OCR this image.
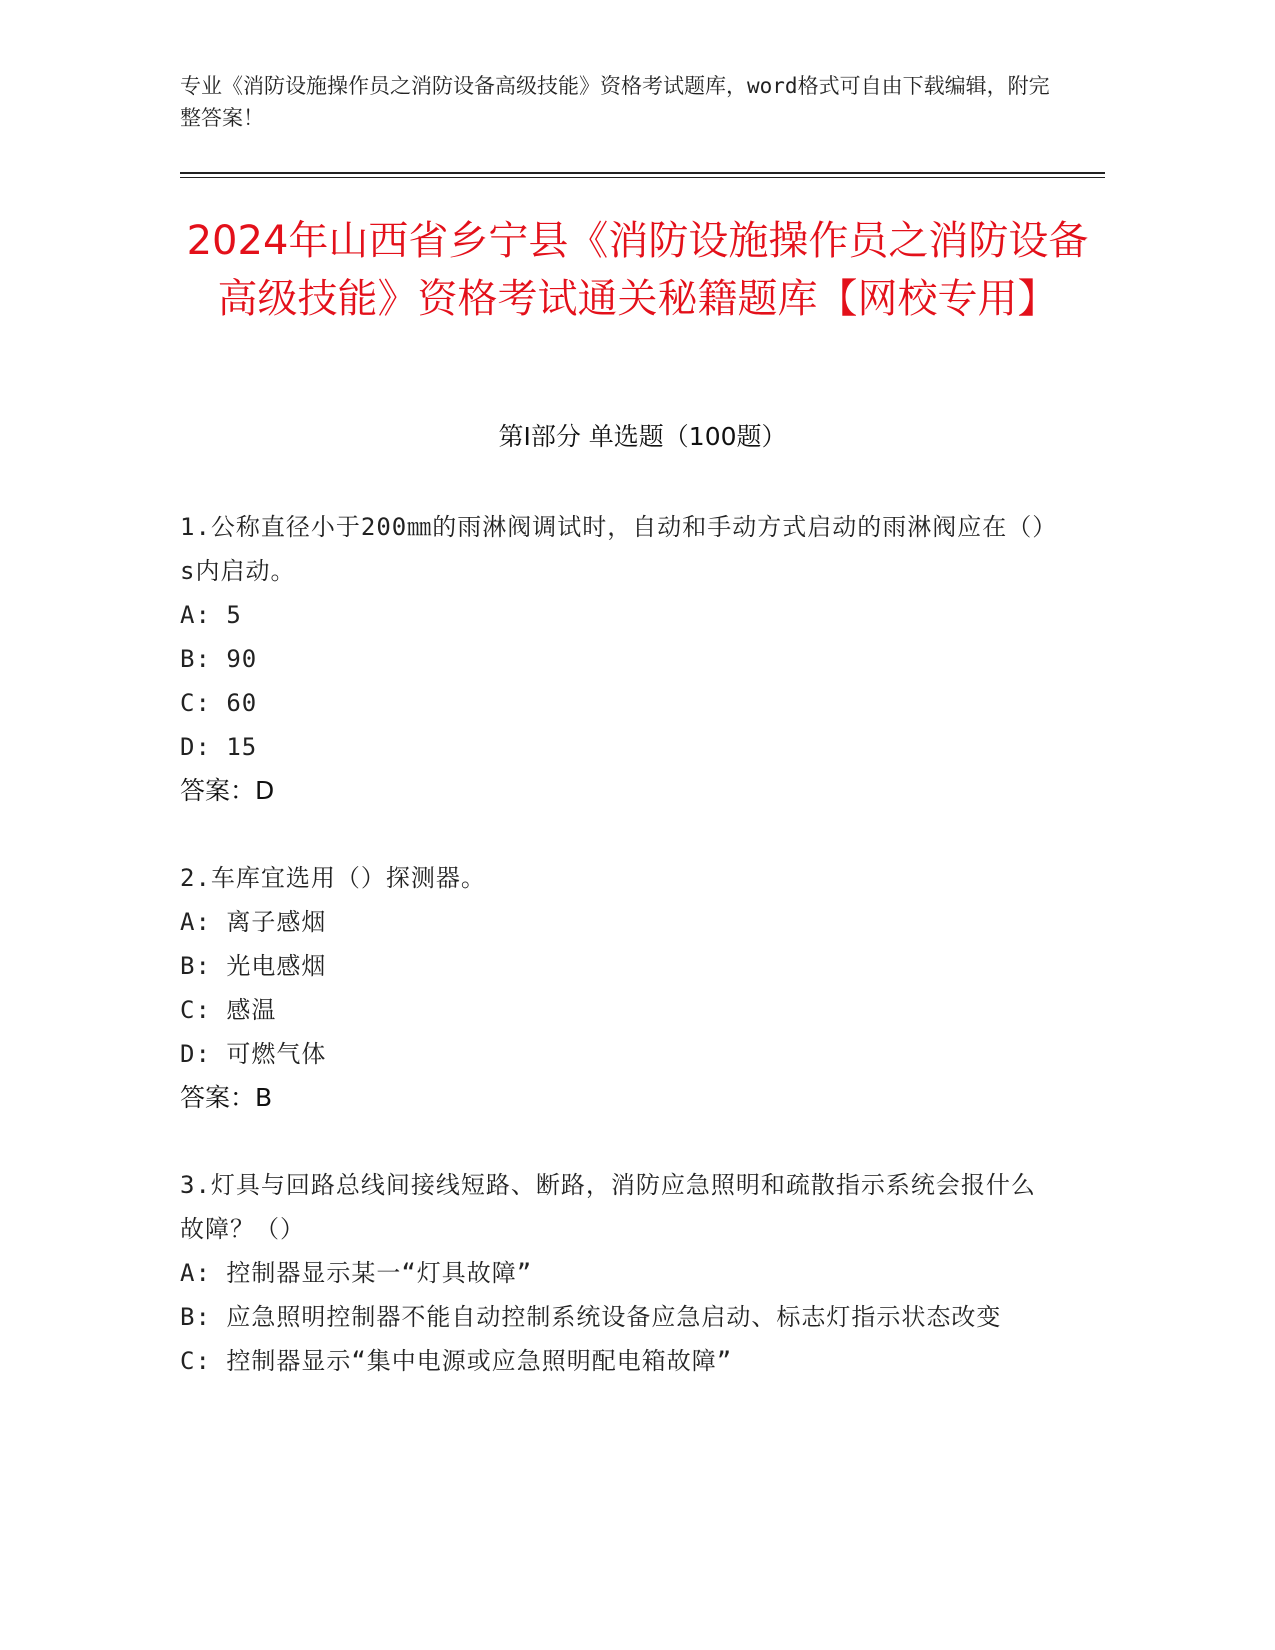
专业《消防设施操作员之消防设备高级技能》资格考试题库，word格式可自由下载编辑，附完整答案！
2024年山西省乡宁县《消防设施操作员之消防设备高级技能》资格考试通关秘籍题库【网校专用】
第I部分 单选题（100题）
1.公称直径小于200㎜的雨淋阀调试时，自动和手动方式启动的雨淋阀应在（）s内启动。
A: 5
B: 90
C: 60
D: 15
答案：D
2.车库宜选用（）探测器。
A: 离子感烟
B: 光电感烟
C: 感温
D: 可燃气体
答案：B
3.灯具与回路总线间接线短路、断路，消防应急照明和疏散指示系统会报什么故障？（）
A: 控制器显示某一“灯具故障”
B: 应急照明控制器不能自动控制系统设备应急启动、标志灯指示状态改变
C: 控制器显示“集中电源或应急照明配电箱故障”
